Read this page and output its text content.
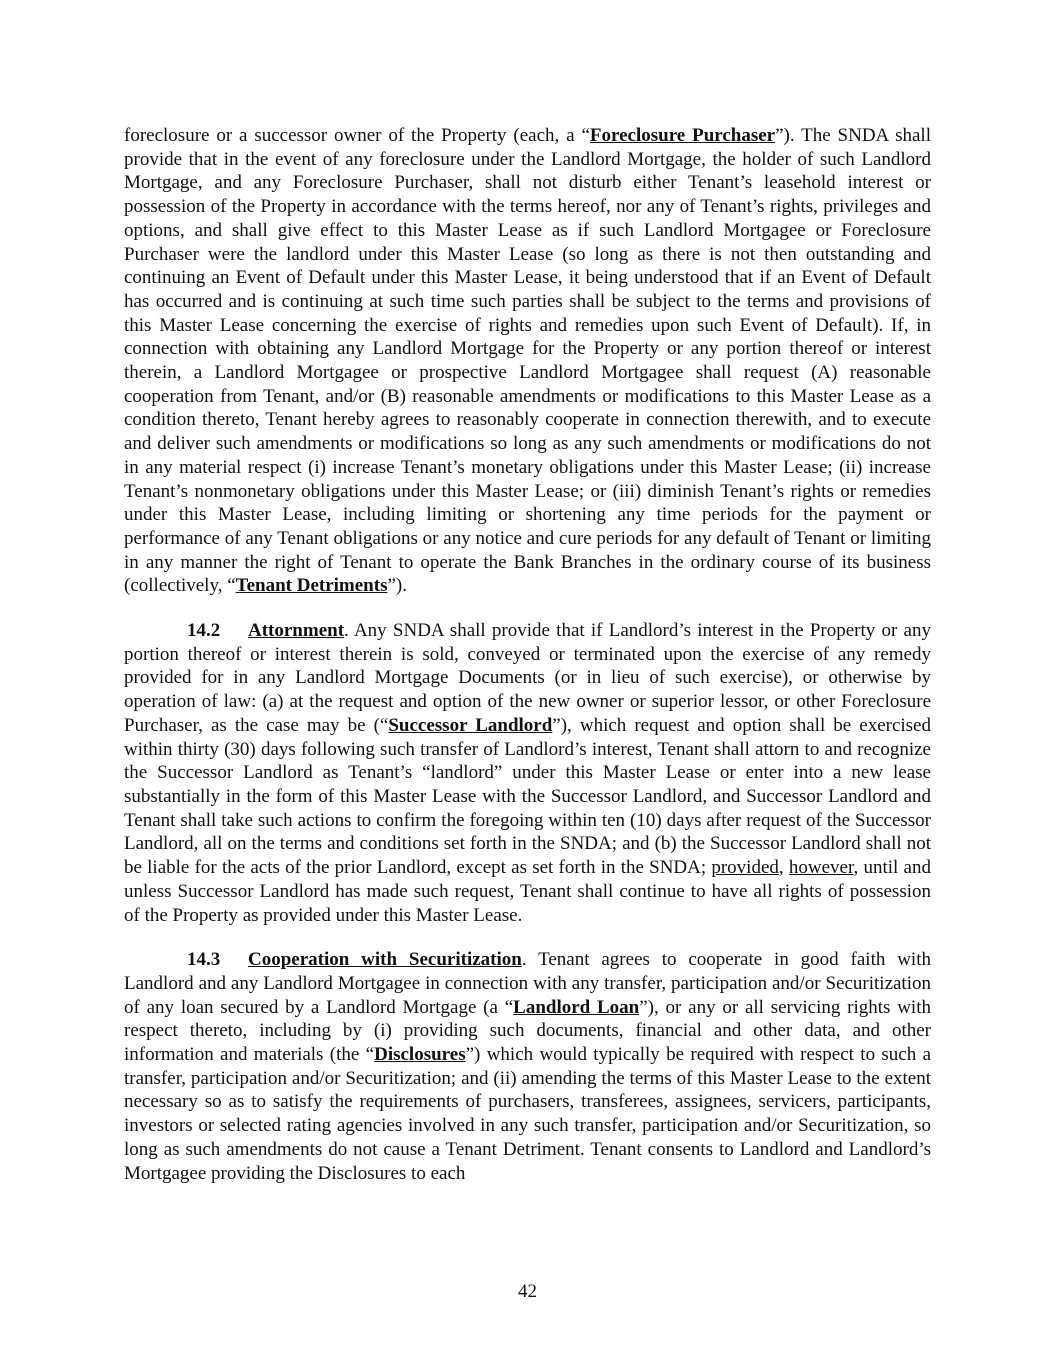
foreclosure or a successor owner of the Property (each, a “Foreclosure Purchaser”). The SNDA shall provide that in the event of any foreclosure under the Landlord Mortgage, the holder of such Landlord Mortgage, and any Foreclosure Purchaser, shall not disturb either Tenant’s leasehold interest or possession of the Property in accordance with the terms hereof, nor any of Tenant’s rights, privileges and options, and shall give effect to this Master Lease as if such Landlord Mortgagee or Foreclosure Purchaser were the landlord under this Master Lease (so long as there is not then outstanding and continuing an Event of Default under this Master Lease, it being understood that if an Event of Default has occurred and is continuing at such time such parties shall be subject to the terms and provisions of this Master Lease concerning the exercise of rights and remedies upon such Event of Default). If, in connection with obtaining any Landlord Mortgage for the Property or any portion thereof or interest therein, a Landlord Mortgagee or prospective Landlord Mortgagee shall request (A) reasonable cooperation from Tenant, and/or (B) reasonable amendments or modifications to this Master Lease as a condition thereto, Tenant hereby agrees to reasonably cooperate in connection therewith, and to execute and deliver such amendments or modifications so long as any such amendments or modifications do not in any material respect (i) increase Tenant’s monetary obligations under this Master Lease; (ii) increase Tenant’s nonmonetary obligations under this Master Lease; or (iii) diminish Tenant’s rights or remedies under this Master Lease, including limiting or shortening any time periods for the payment or performance of any Tenant obligations or any notice and cure periods for any default of Tenant or limiting in any manner the right of Tenant to operate the Bank Branches in the ordinary course of its business (collectively, “Tenant Detriments”).

14.2 Attornment. Any SNDA shall provide that if Landlord’s interest in the Property or any portion thereof or interest therein is sold, conveyed or terminated upon the exercise of any remedy provided for in any Landlord Mortgage Documents (or in lieu of such exercise), or otherwise by operation of law: (a) at the request and option of the new owner or superior lessor, or other Foreclosure Purchaser, as the case may be (“Successor Landlord”), which request and option shall be exercised within thirty (30) days following such transfer of Landlord’s interest, Tenant shall attorn to and recognize the Successor Landlord as Tenant’s “landlord” under this Master Lease or enter into a new lease substantially in the form of this Master Lease with the Successor Landlord, and Successor Landlord and Tenant shall take such actions to confirm the foregoing within ten (10) days after request of the Successor Landlord, all on the terms and conditions set forth in the SNDA; and (b) the Successor Landlord shall not be liable for the acts of the prior Landlord, except as set forth in the SNDA; provided, however, until and unless Successor Landlord has made such request, Tenant shall continue to have all rights of possession of the Property as provided under this Master Lease.

14.3 Cooperation with Securitization. Tenant agrees to cooperate in good faith with Landlord and any Landlord Mortgagee in connection with any transfer, participation and/or Securitization of any loan secured by a Landlord Mortgage (a “Landlord Loan”), or any or all servicing rights with respect thereto, including by (i) providing such documents, financial and other data, and other information and materials (the “Disclosures”) which would typically be required with respect to such a transfer, participation and/or Securitization; and (ii) amending the terms of this Master Lease to the extent necessary so as to satisfy the requirements of purchasers, transferees, assignees, servicers, participants, investors or selected rating agencies involved in any such transfer, participation and/or Securitization, so long as such amendments do not cause a Tenant Detriment. Tenant consents to Landlord and Landlord’s Mortgagee providing the Disclosures to each

42
